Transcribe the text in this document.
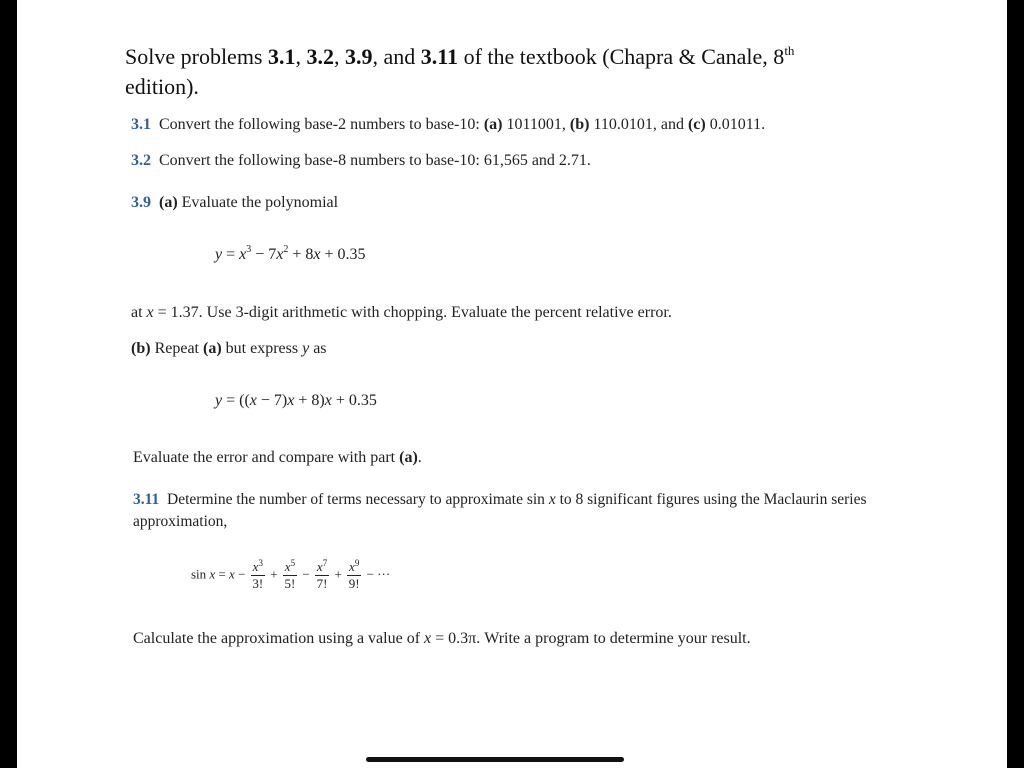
Solve problems 3.1, 3.2, 3.9, and 3.11 of the textbook (Chapra & Canale, 8th
edition).
3.1 Convert the following base-2 numbers to base-10: (a) 1011001, (b) 110.0101, and (c) 0.01011.
3.2 Convert the following base-8 numbers to base-10: 61,565 and 2.71.
3.9 (a) Evaluate the polynomial
$y = x^3 - 7x^2 + 8x + 0.35$
at x = 1.37. Use 3-digit arithmetic with chopping. Evaluate the percent relative error.
(b) Repeat (a) but express y as
y = ((x − 7)x + 8)x + 0.35
Evaluate the error and compare with part (a).
3.11 Determine the number of terms necessary to approximate sin x to 8 significant figures using the Maclaurin series
approximation,
$\sin x = x - \frac{x^3}{3!} + \frac{x^5}{5!} - \frac{x^7}{7!} + \frac{x^9}{9!}$ − ···
Calculate the approximation using a value of x = 0.3π. Write a program to determine your result.
